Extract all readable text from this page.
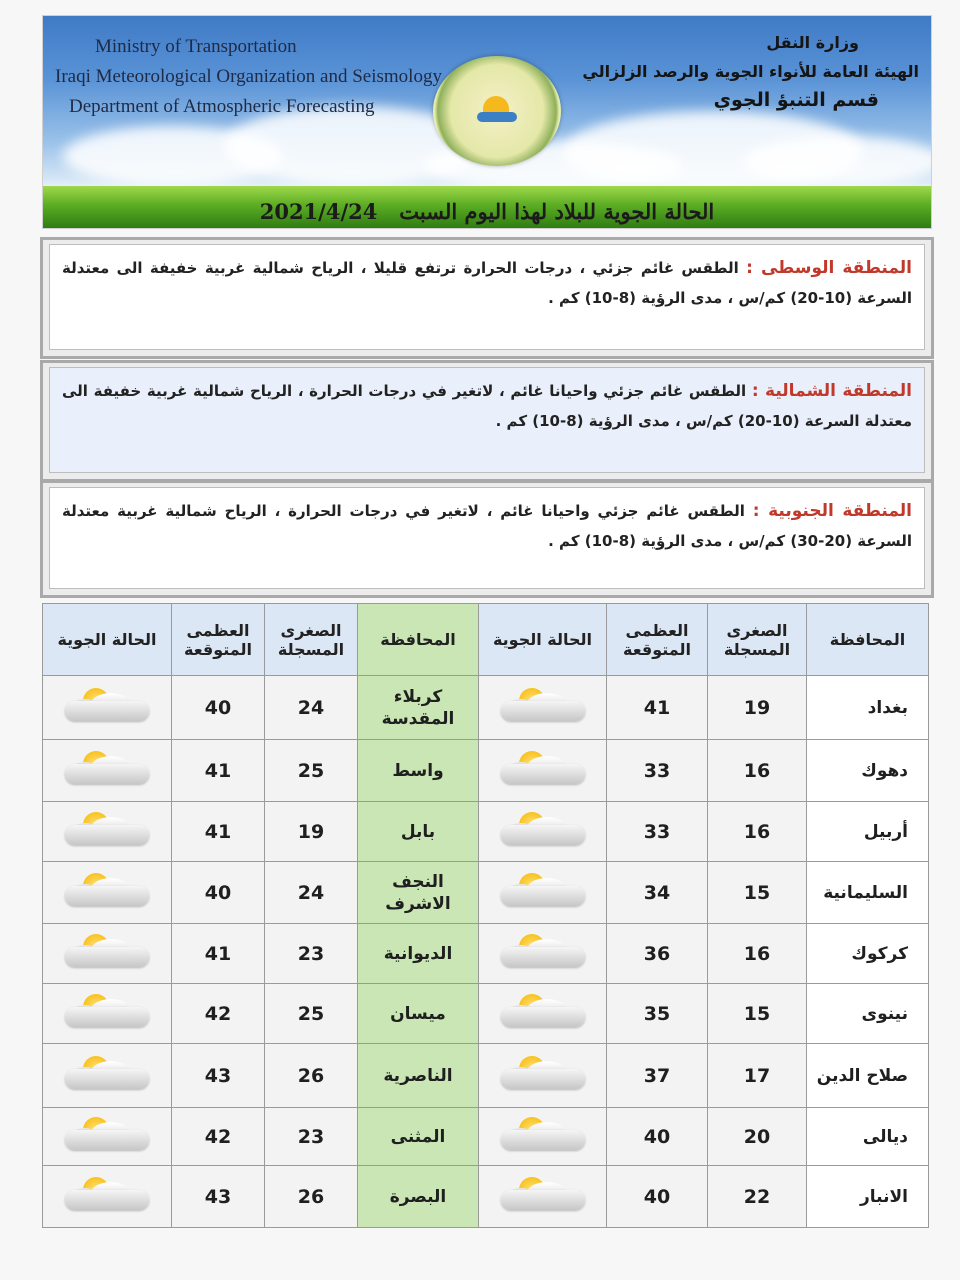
Ministry of Transportation
Iraqi Meteorological Organization and Seismology
Department of Atmospheric Forecasting
وزارة النقل
الهيئة العامة للأنواء الجوية والرصد الزلزالي
قسم التنبؤ الجوي
الحالة الجوية للبلاد لهذا اليوم السبت   2021/4/24
المنطقة الوسطى : الطقس غائم جزئي ، درجات الحرارة ترتفع قليلا ، الرياح شمالية غربية خفيفة الى معتدلة السرعة (10-20) كم/س ، مدى الرؤية (8-10) كم .
المنطقة الشمالية : الطقس غائم جزئي واحيانا غائم ، لاتغير في درجات الحرارة ، الرياح شمالية غربية خفيفة الى معتدلة السرعة (10-20) كم/س ، مدى الرؤية (8-10) كم .
المنطقة الجنوبية : الطقس غائم جزئي واحيانا غائم ، لاتغير في درجات الحرارة ، الرياح شمالية غربية معتدلة السرعة (20-30) كم/س ، مدى الرؤية (8-10) كم .
الحالة الجوية	العظمى المتوقعة	الصغرى المسجلة	المحافظة	الحالة الجوية	العظمى المتوقعة	الصغرى المسجلة	المحافظة

	40	24	كربلاء المقدسة		41	19	بغداد

	41	25	واسط		33	16	دهوك

	41	19	بابل		33	16	أربيل

	40	24	النجف الاشرف		34	15	السليمانية

	41	23	الديوانية		36	16	كركوك

	42	25	ميسان		35	15	نينوى

	43	26	الناصرية		37	17	صلاح الدين

	42	23	المثنى		40	20	ديالى

	43	26	البصرة		40	22	الانبار
